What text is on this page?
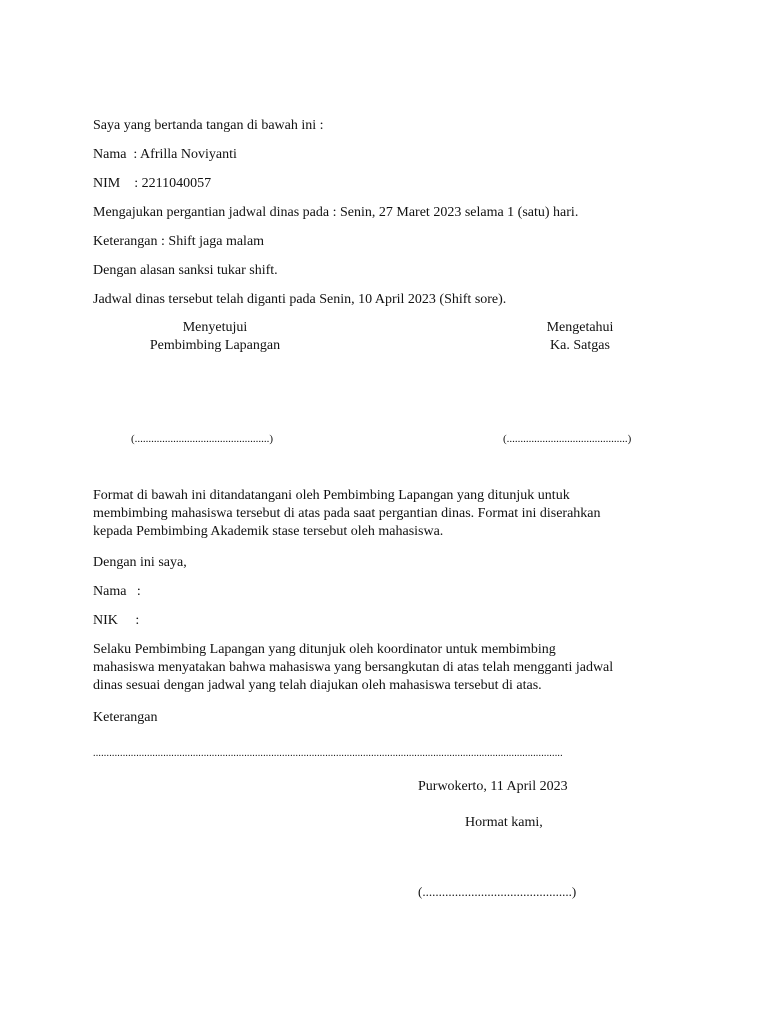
Saya yang bertanda tangan di bawah ini :
Nama  : Afrilla Noviyanti
NIM    : 2211040057
Mengajukan pergantian jadwal dinas pada : Senin, 27 Maret 2023 selama 1 (satu) hari.
Keterangan : Shift jaga malam
Dengan alasan sanksi tukar shift.
Jadwal dinas tersebut telah diganti pada Senin, 10 April 2023 (Shift sore).
Menyetujui
Pembimbing Lapangan
(.................................................)
Mengetahui
Ka. Satgas
(............................................)

Format di bawah ini ditandatangani oleh Pembimbing Lapangan yang ditunjuk untuk

membimbing mahasiswa tersebut di atas pada saat pergantian dinas. Format ini diserahkan

kepada Pembimbing Akademik stase tersebut oleh mahasiswa.

Dengan ini saya,
Nama   :
NIK     :

Selaku Pembimbing Lapangan yang ditunjuk oleh koordinator untuk membimbing

mahasiswa menyatakan bahwa mahasiswa yang bersangkutan di atas telah mengganti jadwal

dinas sesuai dengan jadwal yang telah diajukan oleh mahasiswa tersebut di atas.

Keterangan
..............................................................................................................................................................................
Purwokerto, 11 April 2023
Hormat kami,
(..............................................)
